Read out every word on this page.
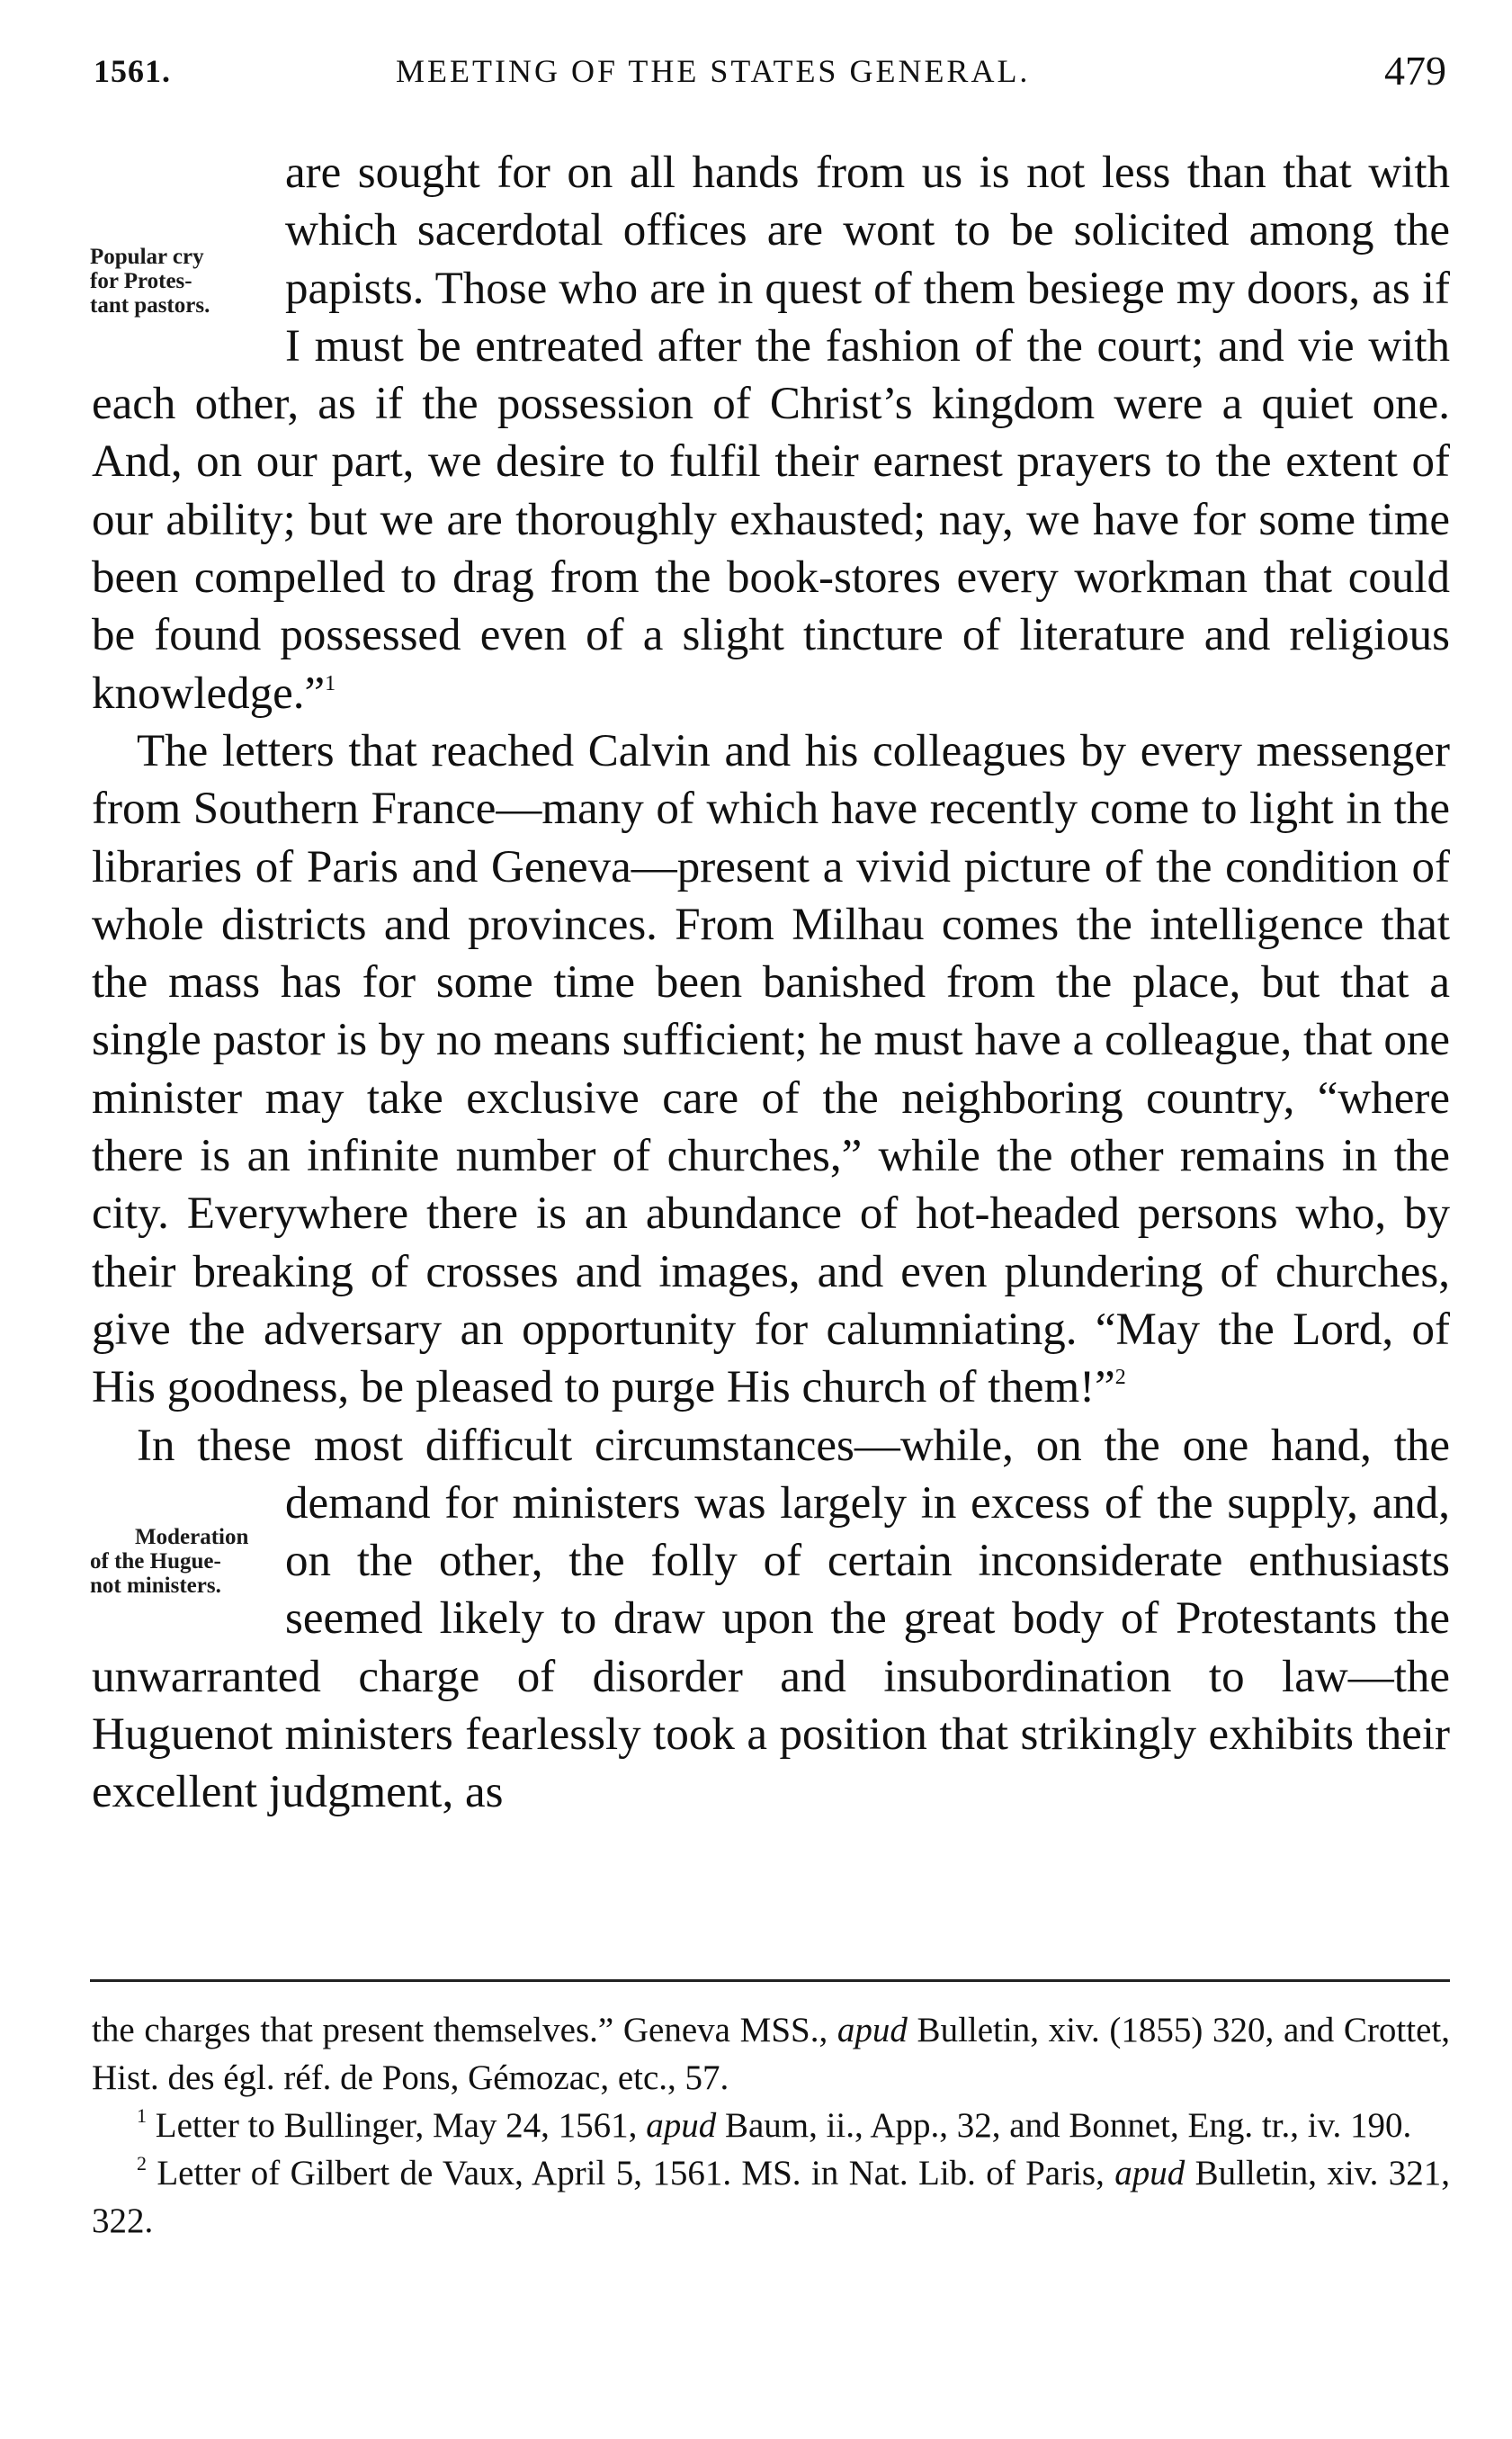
1561.	MEETING OF THE STATES GENERAL.	479

Popular cry
for Protes-
tant pastors.
are sought for on all hands from us is not less than that with which sacerdotal offices are wont to be solicited among the papists. Those who are in quest of them besiege my doors, as if I must be entreated after the fashion of the court; and vie with each other, as if the possession of Christ’s kingdom were a quiet one. And, on our part, we desire to fulfil their earnest prayers to the extent of our ability; but we are thoroughly exhausted; nay, we have for some time been compelled to drag from the book-stores every workman that could be found possessed even of a slight tincture of literature and religious knowledge.”$^1$

The letters that reached Calvin and his colleagues by every messenger from Southern France—many of which have recently come to light in the libraries of Paris and Geneva—present a vivid picture of the condition of whole districts and provinces. From Milhau comes the intelligence that the mass has for some time been banished from the place, but that a single pastor is by no means sufficient; he must have a colleague, that one minister may take exclusive care of the neighboring country, “where there is an infinite number of churches,” while the other remains in the city. Everywhere there is an abundance of hot-headed persons who, by their breaking of crosses and images, and even plundering of churches, give the adversary an opportunity for calumniating. “May the Lord, of His goodness, be pleased to purge His church of them!”$^2$

In these most difficult circumstances—while, on the one hand, the demand for ministers was largely in excess of the supply,
Moderation
of the Hugue-
not ministers.
and, on the other, the folly of certain inconsiderate enthusiasts seemed likely to draw upon the great body of Protestants the unwarranted charge of disorder and insubordination to law—the Huguenot ministers fearlessly took a position that strikingly exhibits their excellent judgment, as

the charges that present themselves.” Geneva MSS., apud Bulletin, xiv. (1855) 320, and Crottet, Hist. des égl. réf. de Pons, Gémozac, etc., 57.

$^1$ Letter to Bullinger, May 24, 1561, apud Baum, ii., App., 32, and Bonnet, Eng. tr., iv. 190.

$^2$ Letter of Gilbert de Vaux, April 5, 1561. MS. in Nat. Lib. of Paris, apud Bulletin, xiv. 321, 322.
